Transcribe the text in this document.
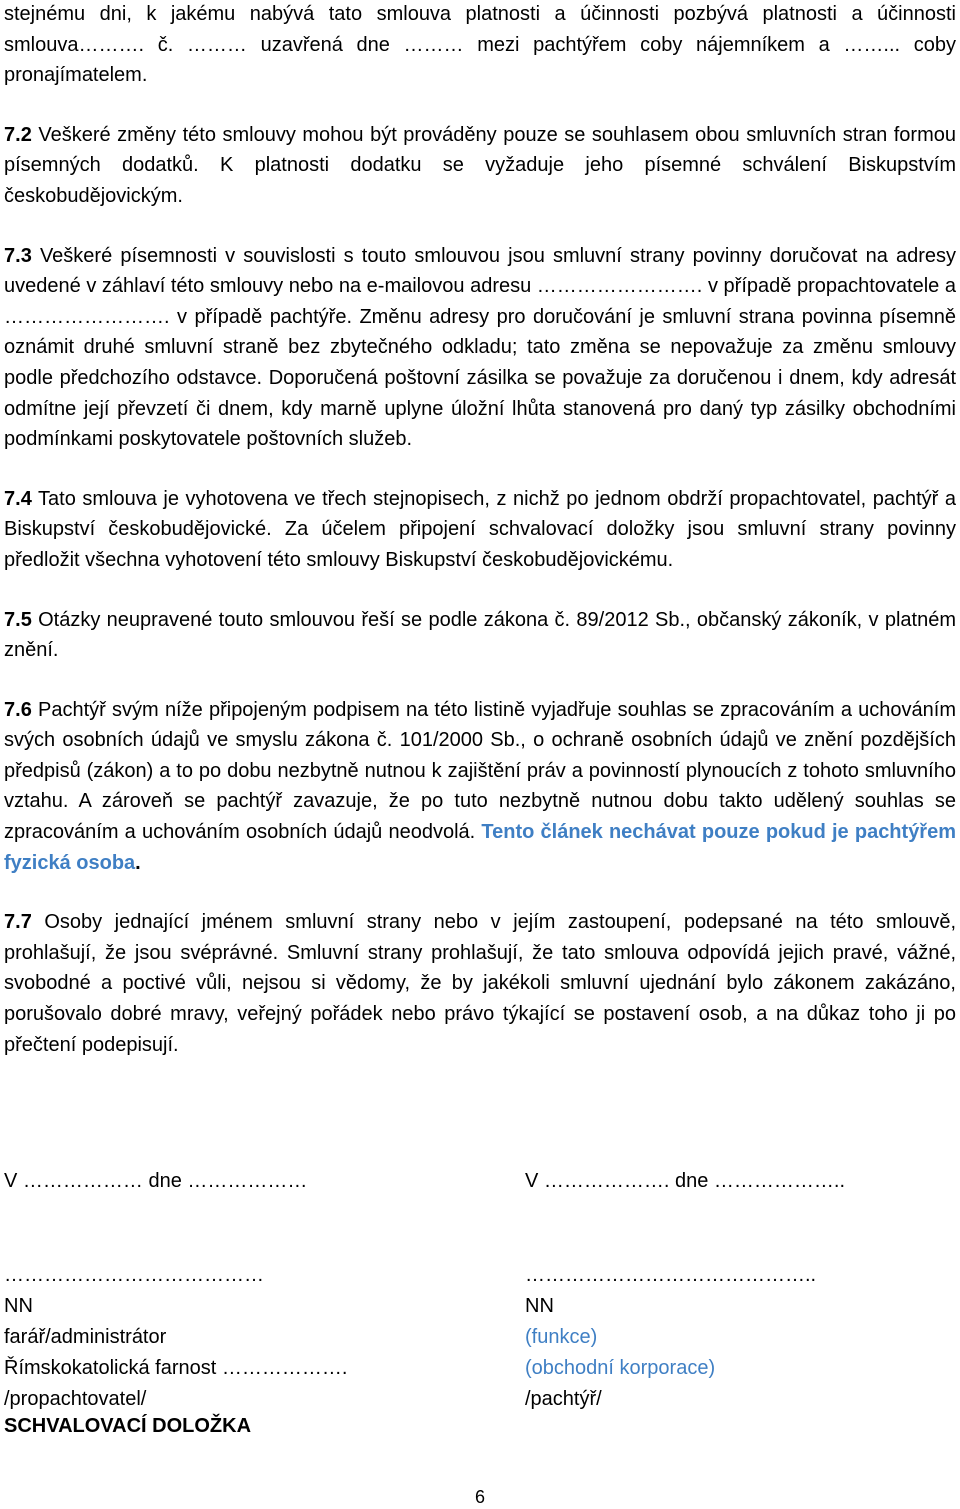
stejnému dni, k jakému nabývá tato smlouva platnosti a účinnosti pozbývá platnosti a účinnosti smlouva………. č. ……… uzavřená dne ……… mezi pachtýřem coby nájemníkem a ……... coby pronajímatelem.

7.2 Veškeré změny této smlouvy mohou být prováděny pouze se souhlasem obou smluvních stran formou písemných dodatků. K platnosti dodatku se vyžaduje jeho písemné schválení Biskupstvím českobudějovickým.

7.3 Veškeré písemnosti v souvislosti s touto smlouvou jsou smluvní strany povinny doručovat na adresy uvedené v záhlaví této smlouvy nebo na e-mailovou adresu ……………………. v případě propachtovatele a ……………………. v případě pachtýře. Změnu adresy pro doručování je smluvní strana povinna písemně oznámit druhé smluvní straně bez zbytečného odkladu; tato změna se nepovažuje za změnu smlouvy podle předchozího odstavce. Doporučená poštovní zásilka se považuje za doručenou i dnem, kdy adresát odmítne její převzetí či dnem, kdy marně uplyne úložní lhůta stanovená pro daný typ zásilky obchodními podmínkami poskytovatele poštovních služeb.

7.4 Tato smlouva je vyhotovena ve třech stejnopisech, z nichž po jednom obdrží propachtovatel, pachtýř a Biskupství českobudějovické. Za účelem připojení schvalovací doložky jsou smluvní strany povinny předložit všechna vyhotovení této smlouvy Biskupství českobudějovickému.

7.5 Otázky neupravené touto smlouvou řeší se podle zákona č. 89/2012 Sb., občanský zákoník, v platném znění.

7.6 Pachtýř svým níže připojeným podpisem na této listině vyjadřuje souhlas se zpracováním a uchováním svých osobních údajů ve smyslu zákona č. 101/2000 Sb., o ochraně osobních údajů ve znění pozdějších předpisů (zákon) a to po dobu nezbytně nutnou k zajištění práv a povinností plynoucích z tohoto smluvního vztahu. A zároveň se pachtýř zavazuje, že po tuto nezbytně nutnou dobu takto udělený souhlas se zpracováním a uchováním osobních údajů neodvolá. Tento článek nechávat pouze pokud je pachtýřem fyzická osoba.

7.7 Osoby jednající jménem smluvní strany nebo v jejím zastoupení, podepsané na této smlouvě, prohlašují, že jsou svéprávné. Smluvní strany prohlašují, že tato smlouva odpovídá jejich pravé, vážné, svobodné a poctivé vůli, nejsou si vědomy, že by jakékoli smluvní ujednání bylo zákonem zakázáno, porušovalo dobré mravy, veřejný pořádek nebo právo týkající se postavení osob, a na důkaz toho ji po přečtení podepisují.

V ……………… dne ………………	V ………………. dne ………………..
…………………………………
NN
farář/administrátor
Římskokatolická farnost ……………….
/propachtovatel/
……………………………………..
NN
(funkce)
(obchodní korporace)
/pachtýř/
SCHVALOVACÍ DOLOŽKA
6
